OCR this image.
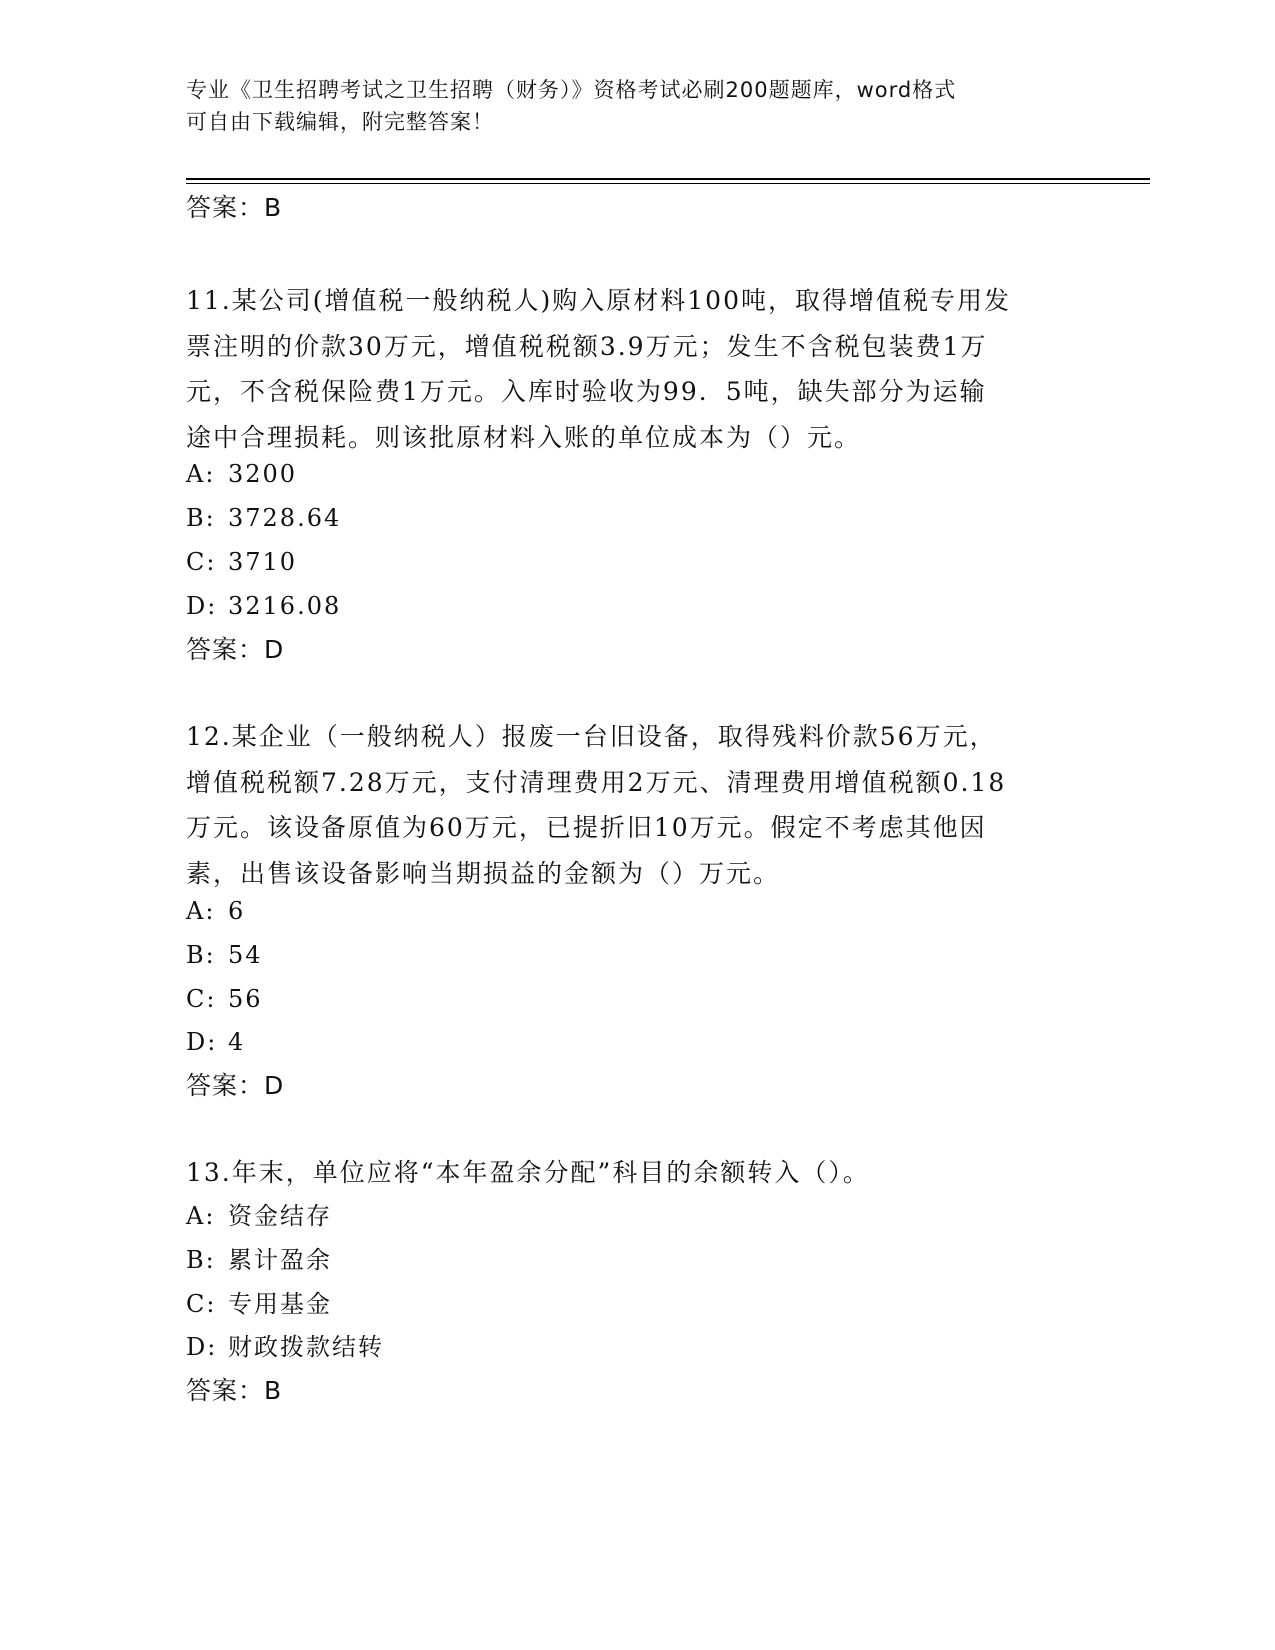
专业《卫生招聘考试之卫生招聘（财务）》资格考试必刷200题题库，word格式
可自由下载编辑，附完整答案！
答案：B
11.某公司(增值税一般纳税人)购入原材料100吨，取得增值税专用发
票注明的价款30万元，增值税税额3.9万元；发生不含税包装费1万
元，不含税保险费1万元。入库时验收为99．5吨，缺失部分为运输
途中合理损耗。则该批原材料入账的单位成本为（）元。
A: 3200
B: 3728.64
C: 3710
D: 3216.08
答案：D
12.某企业（一般纳税人）报废一台旧设备，取得残料价款56万元，
增值税税额7.28万元，支付清理费用2万元、清理费用增值税额0.18
万元。该设备原值为60万元，已提折旧10万元。假定不考虑其他因
素，出售该设备影响当期损益的金额为（）万元。
A: 6
B: 54
C: 56
D: 4
答案：D
13.年末，单位应将“本年盈余分配”科目的余额转入（）。
A: 资金结存
B: 累计盈余
C: 专用基金
D: 财政拨款结转
答案：B
